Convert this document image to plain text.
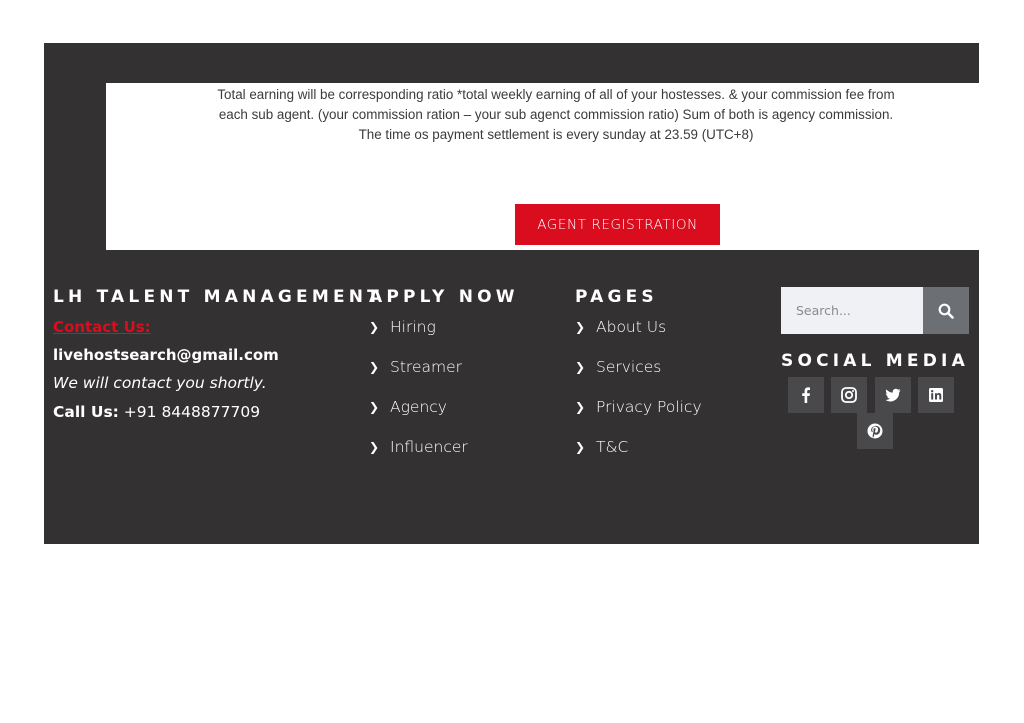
Total earning will be corresponding ratio *total weekly earning of all of your hostesses. & your commission fee from each sub agent. (your commission ration – your sub agenct commission ratio) Sum of both is agency commission. The time os payment settlement is every sunday at 23.59 (UTC+8)

AGENT REGISTRATION
LH TALENT MANAGEMENT
Contact Us:
livehostsearch@gmail.com
We will contact you shortly.
Call Us: +91 8448877709
APPLY NOW
❯ Hiring
❯ Streamer
❯ Agency
❯ Influencer
PAGES
❯ About Us
❯ Services
❯ Privacy Policy
❯ T&C
Search...
SOCIAL MEDIA
